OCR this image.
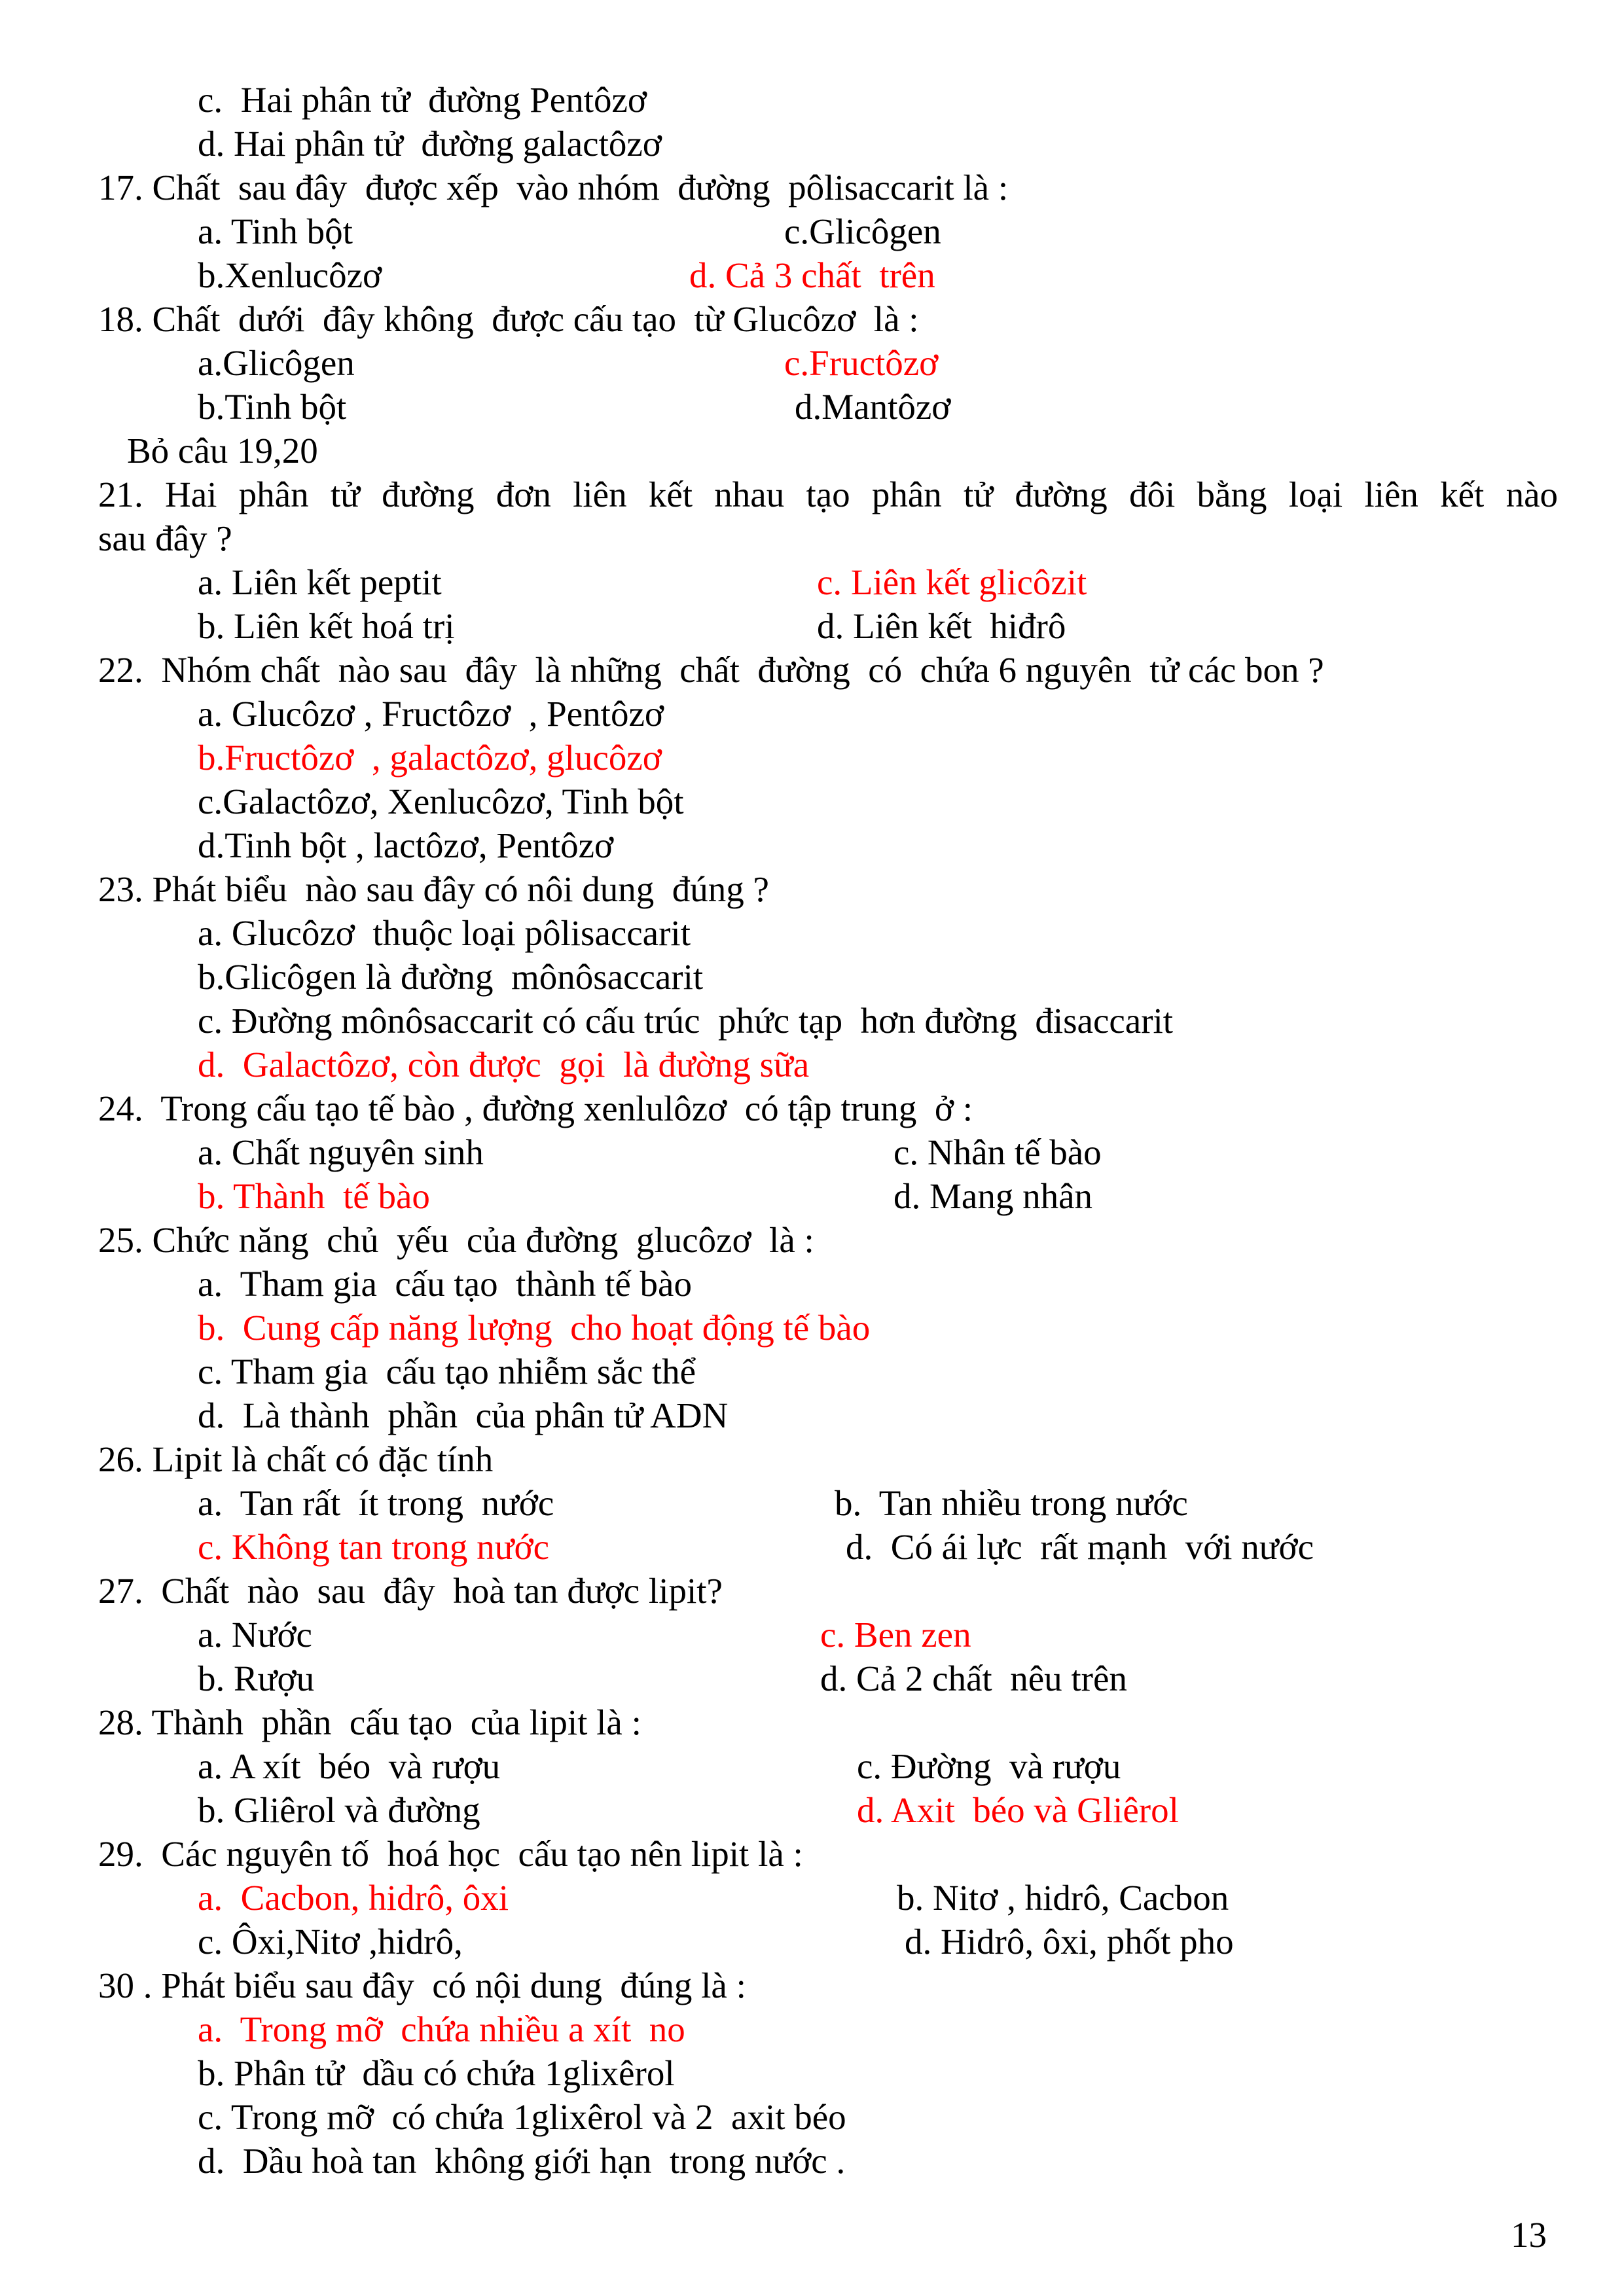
c.  Hai phân tử  đường Pentôzơ
d. Hai phân tử  đường galactôzơ
17. Chất  sau đây  được xếp  vào nhóm  đường  pôlisaccarit là :
a. Tinh bột	c.Glicôgen
b.Xenlucôzơ	d. Cả 3 chất  trên
18. Chất  dưới  đây không  được cấu tạo  từ Glucôzơ  là :
a.Glicôgen	c.Fructôzơ
b.Tinh bột	d.Mantôzơ
Bỏ câu 19,20
21. Hai phân tử đường đơn liên kết nhau tạo phân tử đường đôi bằng loại liên kết nào
sau đây ?
a. Liên kết peptit	c. Liên kết glicôzit
b. Liên kết hoá trị	d. Liên kết  hiđrô
22.  Nhóm chất  nào sau  đây  là những  chất  đường  có  chứa 6 nguyên  tử các bon ?
a. Glucôzơ , Fructôzơ  , Pentôzơ
b.Fructôzơ  , galactôzơ, glucôzơ
c.Galactôzơ, Xenlucôzơ, Tinh bột
d.Tinh bột , lactôzơ, Pentôzơ
23. Phát biểu  nào sau đây có nôi dung  đúng ?
a. Glucôzơ  thuộc loại pôlisaccarit
b.Glicôgen là đường  mônôsaccarit
c. Đường mônôsaccarit có cấu trúc  phức tạp  hơn đường  đisaccarit
d.  Galactôzơ, còn được  gọi  là đường sữa
24.  Trong cấu tạo tế bào , đường xenlulôzơ  có tập trung  ở :
a. Chất nguyên sinh	c. Nhân tế bào
b. Thành  tế bào	d. Mang nhân
25. Chức năng  chủ  yếu  của đường  glucôzơ  là :
a.  Tham gia  cấu tạo  thành tế bào
b.  Cung cấp năng lượng  cho hoạt động tế bào
c. Tham gia  cấu tạo nhiễm sắc thể
d.  Là thành  phần  của phân tử ADN
26. Lipit là chất có đặc tính
a.  Tan rất  ít trong  nước	b.  Tan nhiều trong nước
c. Không tan trong nước	d.  Có ái lực  rất mạnh  với nước
27.  Chất  nào  sau  đây  hoà tan được lipit?
a. Nước	c. Ben zen
b. Rượu	d. Cả 2 chất  nêu trên
28. Thành  phần  cấu tạo  của lipit là :
a. A xít  béo  và rượu	c. Đường  và rượu
b. Gliêrol và đường	d. Axit  béo và Gliêrol
29.  Các nguyên tố  hoá học  cấu tạo nên lipit là :
a.  Cacbon, hidrô, ôxi	b. Nitơ , hidrô, Cacbon
c. Ôxi,Nitơ ,hidrô,	d. Hidrô, ôxi, phốt pho
30 . Phát biểu sau đây  có nội dung  đúng là :
a.  Trong mỡ  chứa nhiều a xít  no
b. Phân tử  dầu có chứa 1glixêrol
c. Trong mỡ  có chứa 1glixêrol và 2  axit béo
d.  Dầu hoà tan  không giới hạn  trong nước .
13
